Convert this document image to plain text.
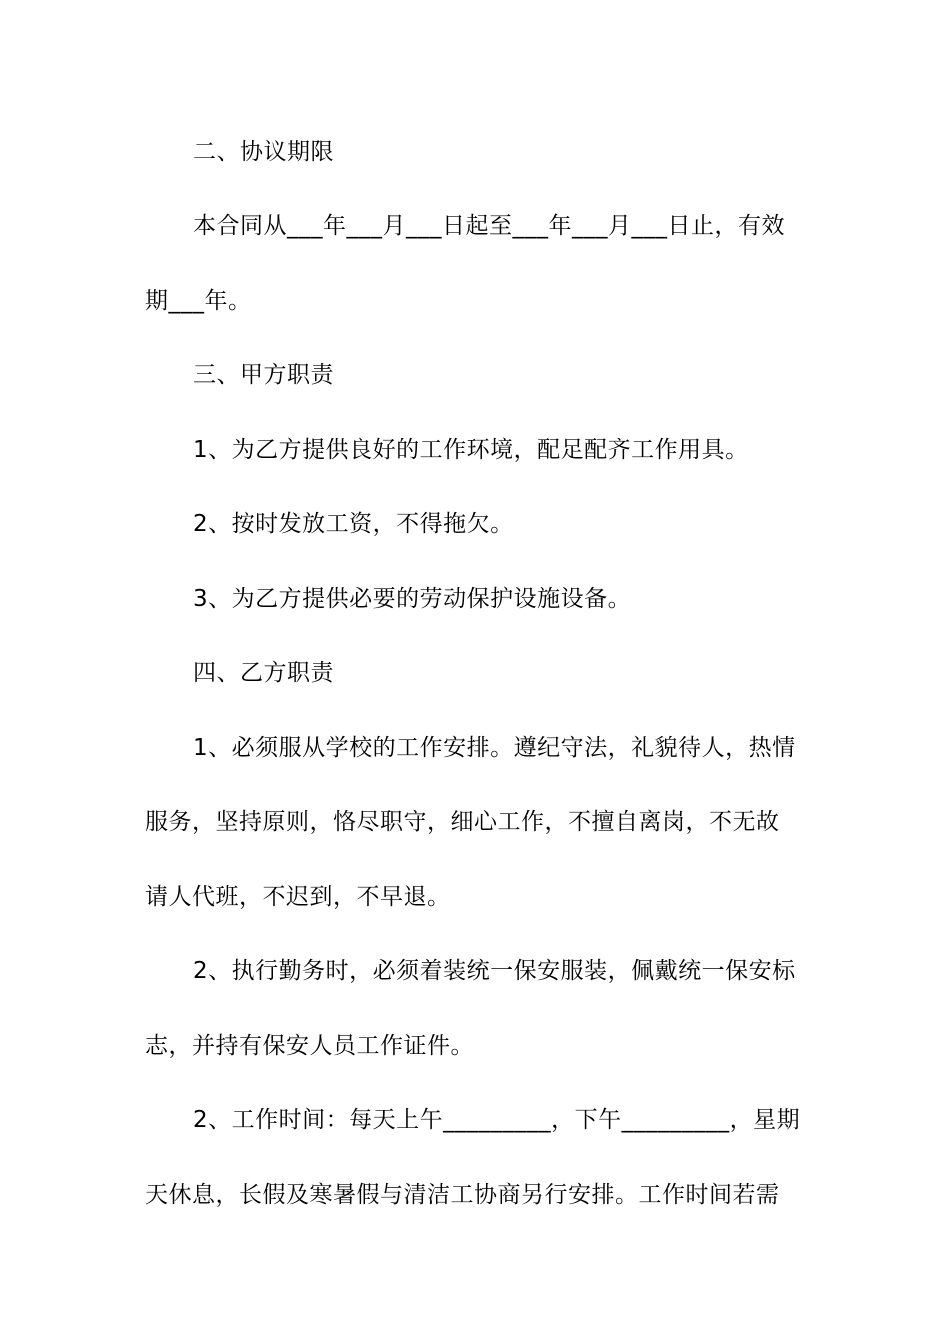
二、协议期限
本合同从___年___月___日起至___年___月___日止，有效
期___年。
三、甲方职责
1、为乙方提供良好的工作环境，配足配齐工作用具。
2、按时发放工资，不得拖欠。
3、为乙方提供必要的劳动保护设施设备。
四、乙方职责
1、必须服从学校的工作安排。遵纪守法，礼貌待人，热情
服务，坚持原则，恪尽职守，细心工作，不擅自离岗，不无故
请人代班，不迟到，不早退。
2、执行勤务时，必须着装统一保安服装，佩戴统一保安标
志，并持有保安人员工作证件。
2、工作时间：每天上午_________，下午_________，星期
天休息，长假及寒暑假与清洁工协商另行安排。工作时间若需
